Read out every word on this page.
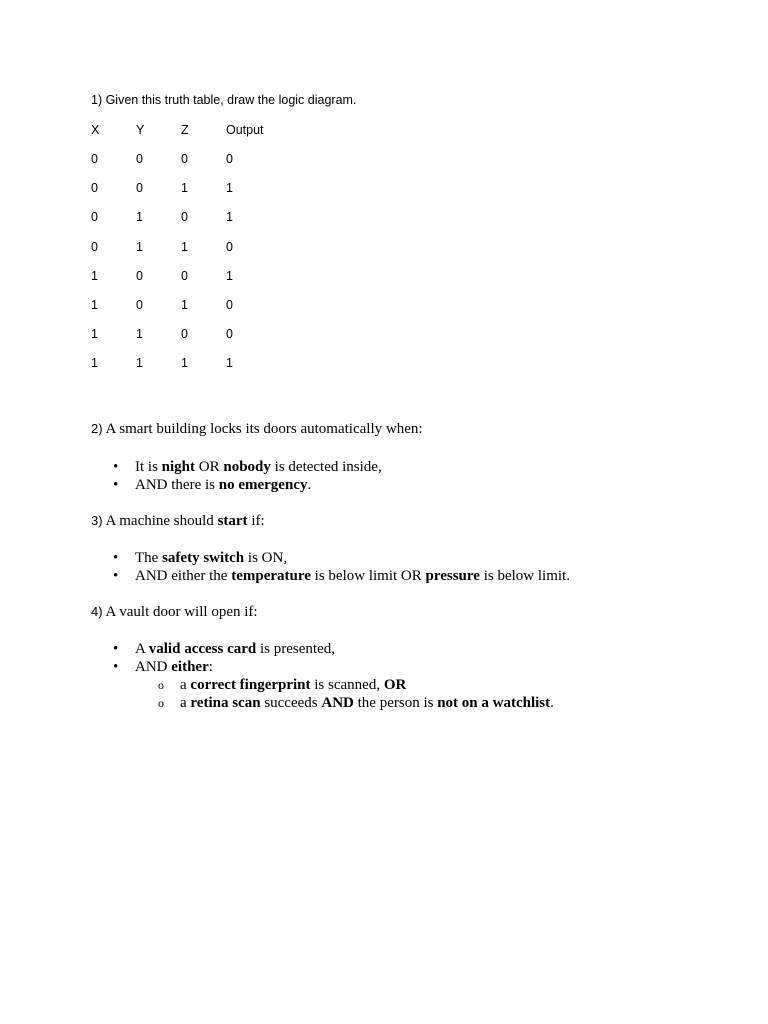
1) Given this truth table, draw the logic diagram.
X	Y	Z	Output
0	0	0	0
0	0	1	1
0	1	0	1
0	1	1	0
1	0	0	1
1	0	1	0
1	1	0	0
1	1	1	1
2) A smart building locks its doors automatically when:
• It is night OR nobody is detected inside,
• AND there is no emergency.
3) A machine should start if:
• The safety switch is ON,
• AND either the temperature is below limit OR pressure is below limit.
4) A vault door will open if:
• A valid access card is presented,
• AND either:
o a correct fingerprint is scanned, OR
o a retina scan succeeds AND the person is not on a watchlist.
